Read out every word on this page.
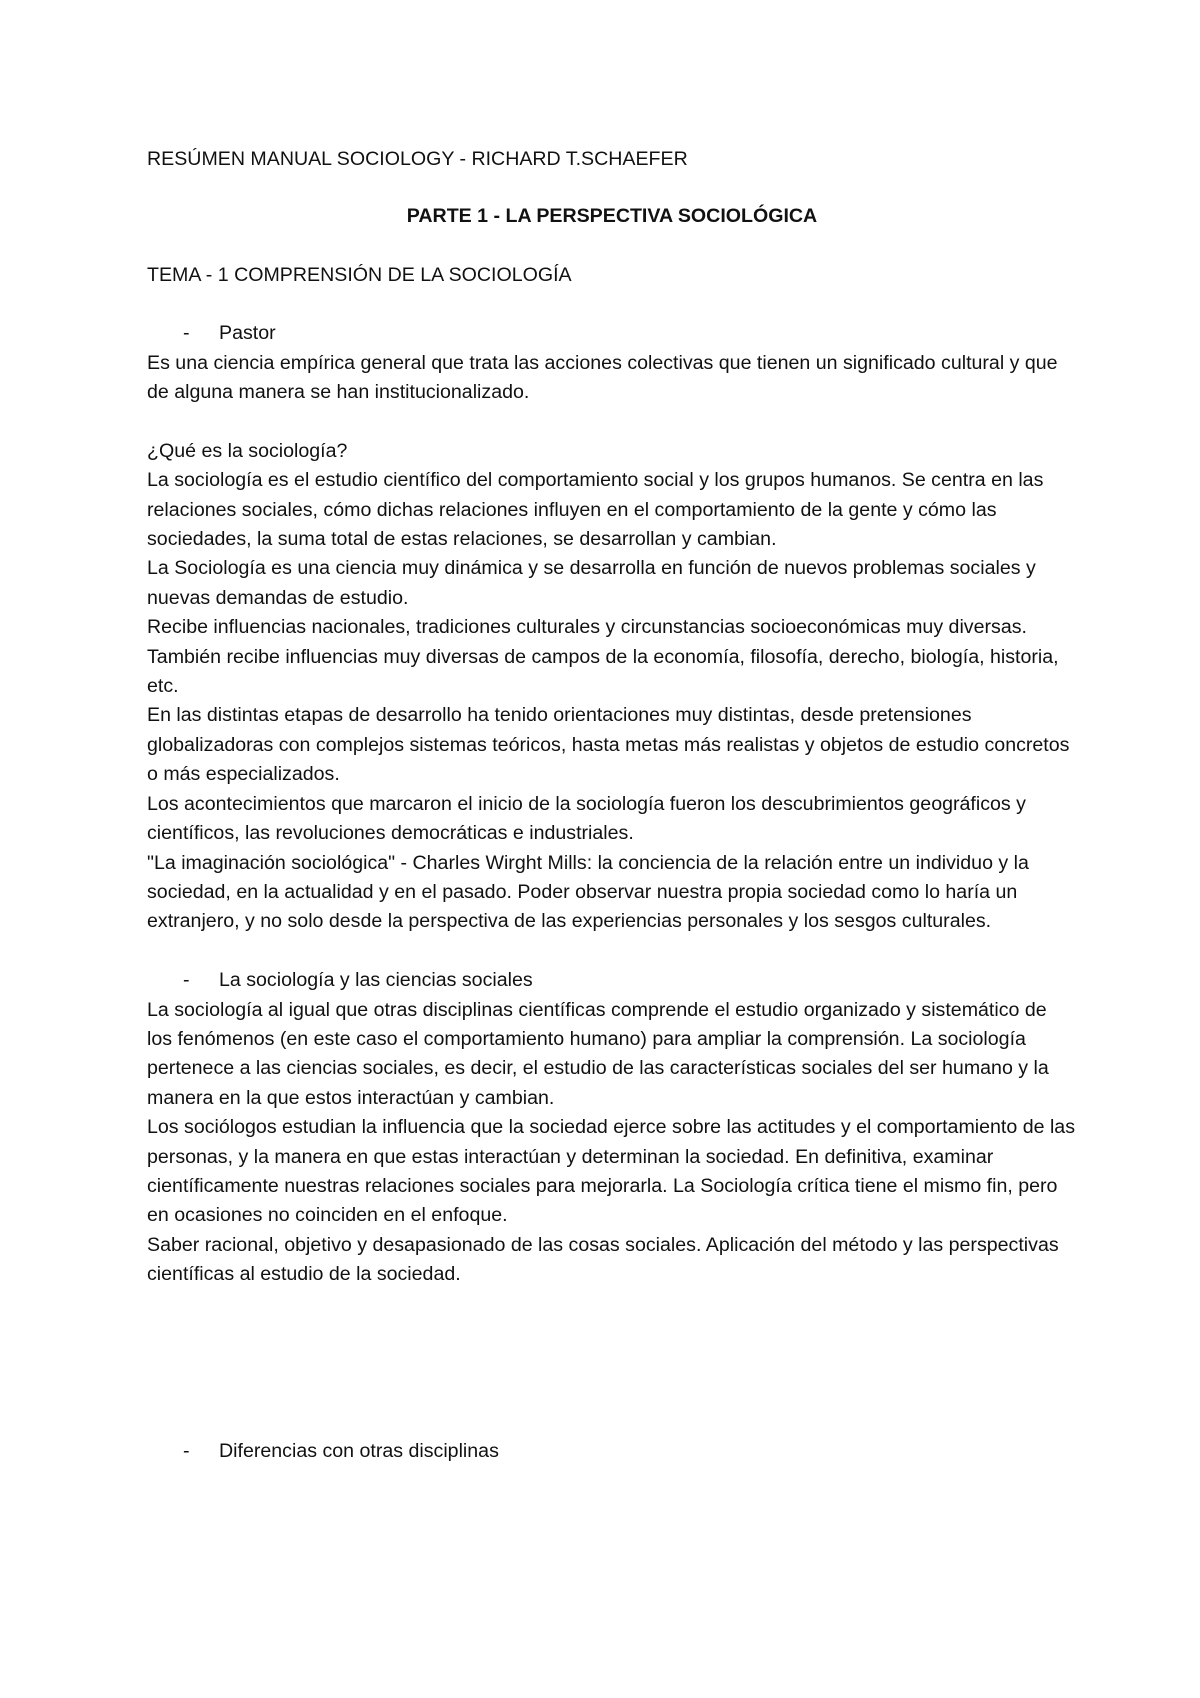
RESÚMEN MANUAL SOCIOLOGY - RICHARD T.SCHAEFER
PARTE 1 - LA PERSPECTIVA SOCIOLÓGICA
TEMA - 1 COMPRENSIÓN DE LA SOCIOLOGÍA
-	Pastor

Es una ciencia empírica general que trata las acciones colectivas que tienen un significado cultural y que de alguna manera se han institucionalizado.

¿Qué es la sociología?

La sociología es el estudio científico del comportamiento social y los grupos humanos. Se centra en las relaciones sociales, cómo dichas relaciones influyen en el comportamiento de la gente y cómo las sociedades, la suma total de estas relaciones, se desarrollan y cambian.

La Sociología es una ciencia muy dinámica y se desarrolla en función de nuevos problemas sociales y nuevas demandas de estudio.

Recibe influencias nacionales, tradiciones culturales y circunstancias socioeconómicas muy diversas.

También recibe influencias muy diversas de campos de la economía, filosofía, derecho, biología, historia, etc.

En las distintas etapas de desarrollo ha tenido orientaciones muy distintas, desde pretensiones globalizadoras con complejos sistemas teóricos, hasta metas más realistas y objetos de estudio concretos o más especializados.

Los acontecimientos que marcaron el inicio de la sociología fueron los descubrimientos geográficos y científicos, las revoluciones democráticas e industriales.

"La imaginación sociológica" - Charles Wirght Mills: la conciencia de la relación entre un individuo y la sociedad, en la actualidad y en el pasado. Poder observar nuestra propia sociedad como lo haría un extranjero, y no solo desde la perspectiva de las experiencias personales y los sesgos culturales.

-	La sociología y las ciencias sociales

La sociología al igual que otras disciplinas científicas comprende el estudio organizado y sistemático de los fenómenos (en este caso el comportamiento humano) para ampliar la comprensión. La sociología pertenece a las ciencias sociales, es decir, el estudio de las características sociales del ser humano y la manera en la que estos interactúan y cambian.

Los sociólogos estudian la influencia que la sociedad ejerce sobre las actitudes y el comportamiento de las personas, y la manera en que estas interactúan y determinan la sociedad. En definitiva, examinar científicamente nuestras relaciones sociales para mejorarla. La Sociología crítica tiene el mismo fin, pero en ocasiones no coinciden en el enfoque.

Saber racional, objetivo y desapasionado de las cosas sociales. Aplicación del método y las perspectivas científicas al estudio de la sociedad.

-	Diferencias con otras disciplinas
